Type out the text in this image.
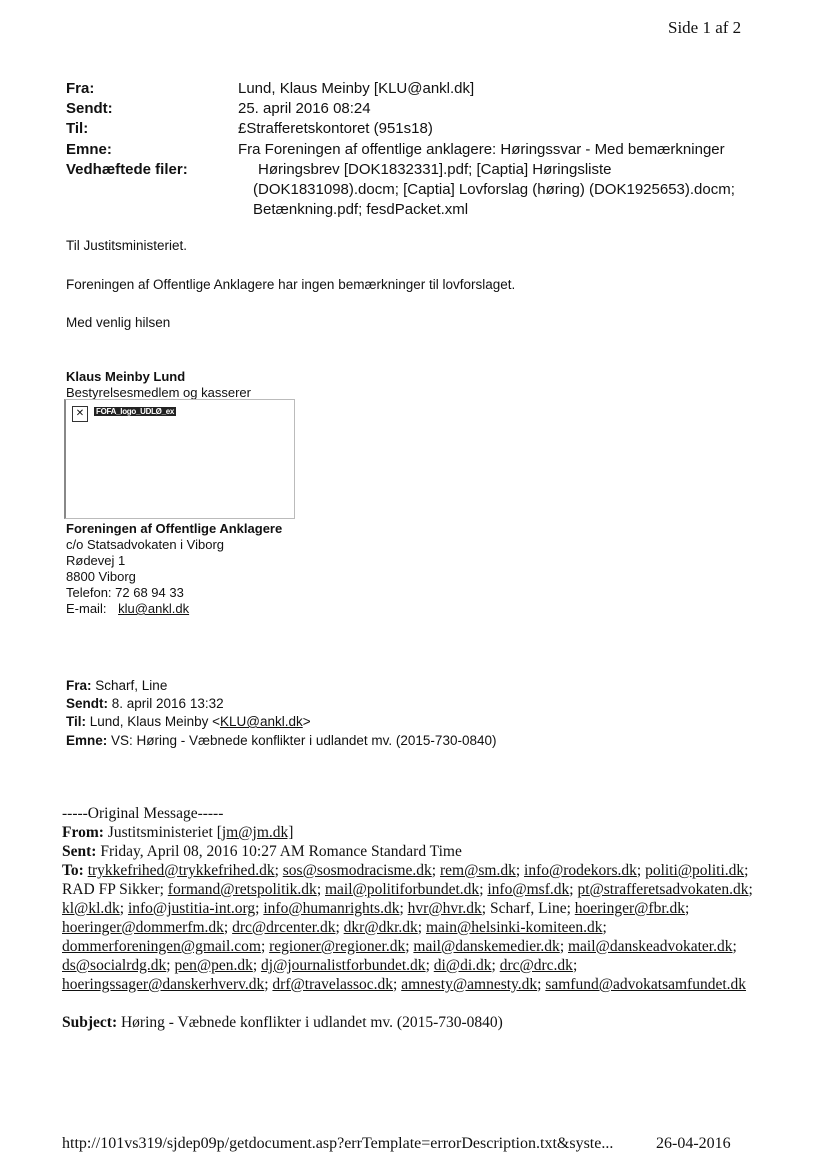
Side 1 af 2
Fra:	Lund, Klaus Meinby [KLU@ankl.dk]
Sendt:	25. april 2016 08:24
Til:	£Strafferetskontoret (951s18)
Emne:	Fra Foreningen af offentlige anklagere: Høringssvar - Med bemærkninger
Vedhæftede filer:	Høringsbrev [DOK1832331].pdf; [Captia] Høringsliste
(DOK1831098).docm; [Captia] Lovforslag (høring) (DOK1925653).docm;
Betænkning.pdf; fesdPacket.xml
Til Justitsministeriet.
Foreningen af Offentlige Anklagere har ingen bemærkninger til lovforslaget.
Med venlig hilsen
Klaus Meinby Lund
Bestyrelsesmedlem og kasserer
✕	FOFA_logo_UDLØ_ex
Foreningen af Offentlige Anklagere
c/o Statsadvokaten i Viborg
Rødevej 1
8800 Viborg
Telefon: 72 68 94 33
E-mail: klu@ankl.dk
Fra: Scharf, Line
Sendt: 8. april 2016 13:32
Til: Lund, Klaus Meinby <KLU@ankl.dk>
Emne: VS: Høring - Væbnede konflikter i udlandet mv. (2015-730-0840)
-----Original Message-----
From: Justitsministeriet [jm@jm.dk]
Sent: Friday, April 08, 2016 10:27 AM Romance Standard Time
To: trykkefrihed@trykkefrihed.dk; sos@sosmodracisme.dk; rem@sm.dk; info@rodekors.dk; politi@politi.dk; RAD FP Sikker; formand@retspolitik.dk; mail@politiforbundet.dk; info@msf.dk; pt@strafferetsadvokaten.dk; kl@kl.dk; info@justitia-int.org; info@humanrights.dk; hvr@hvr.dk; Scharf, Line; hoeringer@fbr.dk; hoeringer@dommerfm.dk; drc@drcenter.dk; dkr@dkr.dk; main@helsinki-komiteen.dk; dommerforeningen@gmail.com; regioner@regioner.dk; mail@danskemedier.dk; mail@danskeadvokater.dk; ds@socialrdg.dk; pen@pen.dk; dj@journalistforbundet.dk; di@di.dk; drc@drc.dk; hoeringssager@danskerhverv.dk; drf@travelassoc.dk; amnesty@amnesty.dk; samfund@advokatsamfundet.dk
Subject: Høring - Væbnede konflikter i udlandet mv. (2015-730-0840)
http://101vs319/sjdep09p/getdocument.asp?errTemplate=errorDescription.txt&syste...	26-04-2016
